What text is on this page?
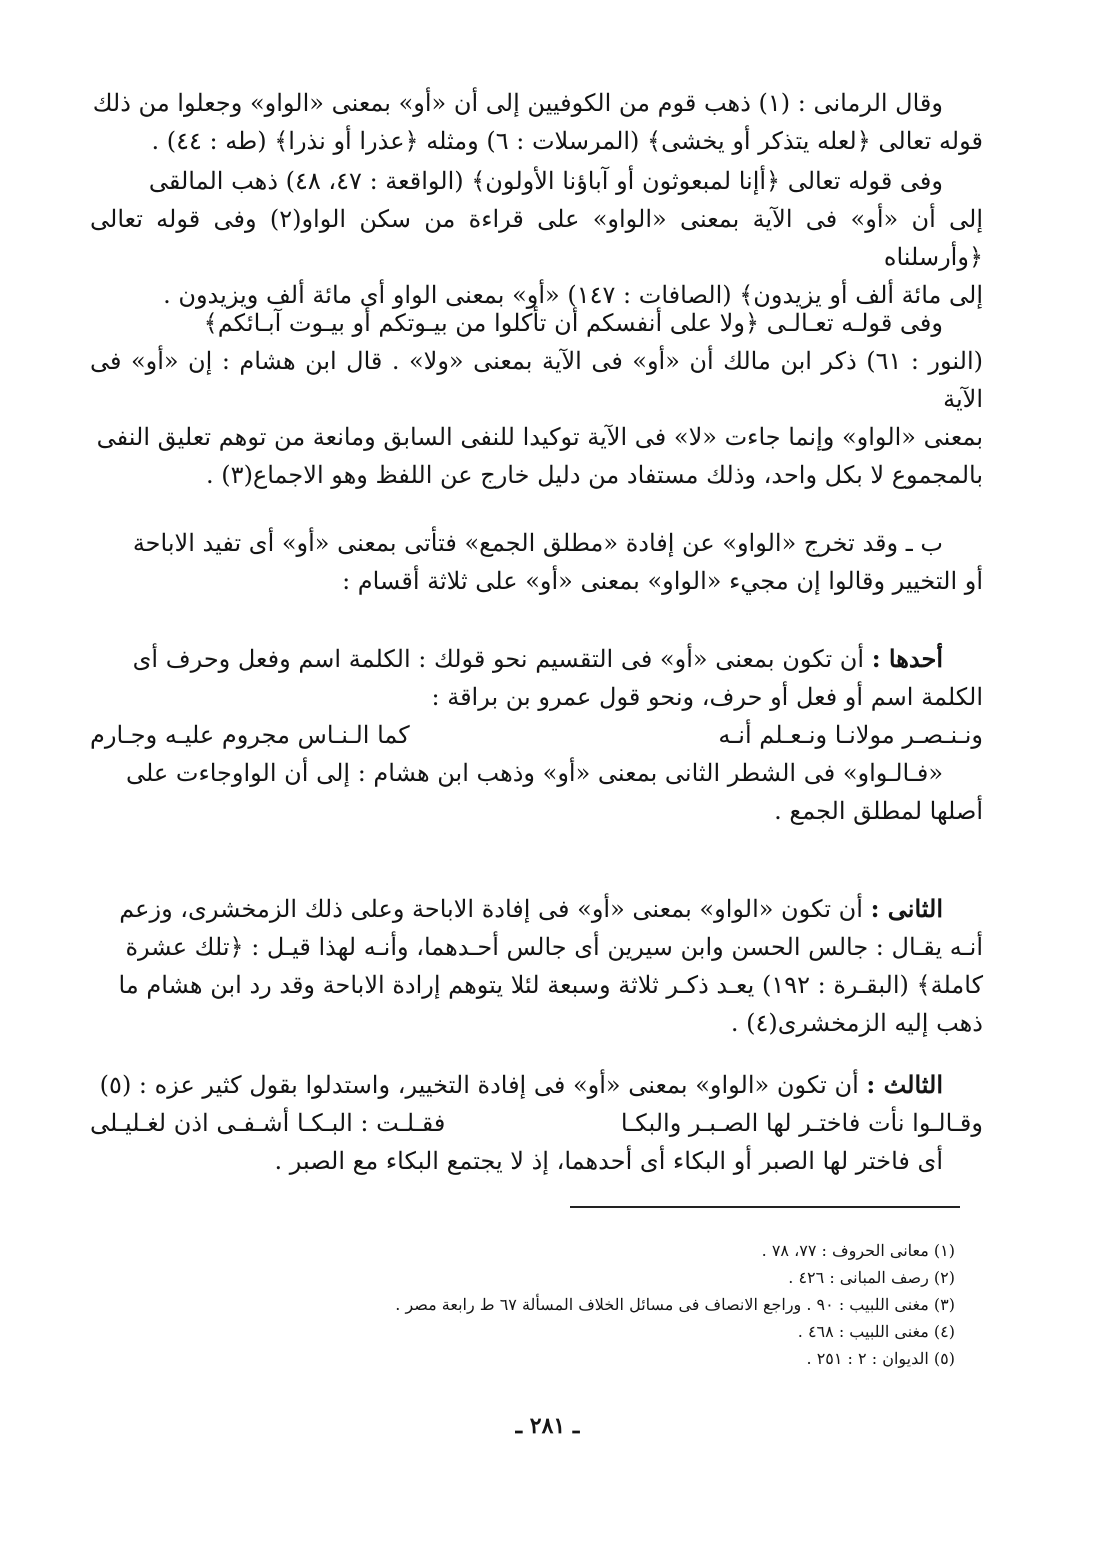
وقال الرمانى : (١) ذهب قوم من الكوفيين إلى أن «أو» بمعنى «الواو» وجعلوا من ذلك

قوله تعالى ﴿لعله يتذكر أو يخشى﴾ (المرسلات : ٦) ومثله ﴿عذرا أو نذرا﴾ (طه : ٤٤) .

وفى قوله تعالى ﴿أإنا لمبعوثون أو آباؤنا الأولون﴾ (الواقعة : ٤٧، ٤٨) ذهب المالقى

إلى أن «أو» فى الآية بمعنى «الواو» على قراءة من سكن الواو(٢) وفى قوله تعالى ﴿وأرسلناه

إلى مائة ألف أو يزيدون﴾ (الصافات : ١٤٧) «أو» بمعنى الواو أى مائة ألف ويزيدون .

وفى قولـه تعـالـى ﴿ولا على أنفسكم أن تأكلوا من بيـوتكم أو بيـوت آبـائكم﴾

(النور : ٦١) ذكر ابن مالك أن «أو» فى الآية بمعنى «ولا» . قال ابن هشام : إن «أو» فى الآية

بمعنى «الواو» وإنما جاءت «لا» فى الآية توكيدا للنفى السابق ومانعة من توهم تعليق النفى

بالمجموع لا بكل واحد، وذلك مستفاد من دليل خارج عن اللفظ وهو الاجماع(٣) .

ب ـ وقد تخرج «الواو» عن إفادة «مطلق الجمع» فتأتى بمعنى «أو» أى تفيد الاباحة

أو التخيير وقالوا إن مجيء «الواو» بمعنى «أو» على ثلاثة أقسام :

أحدها : أن تكون بمعنى «أو» فى التقسيم نحو قولك : الكلمة اسم وفعل وحرف أى

الكلمة اسم أو فعل أو حرف، ونحو قول عمرو بن براقة :

ونـنـصـر مولانـا ونـعـلم أنـه
كما الـنـاس مجروم عليـه وجـارم

«فـالـواو» فى الشطر الثانى بمعنى «أو» وذهب ابن هشام : إلى أن الواوجاءت على

أصلها لمطلق الجمع .

الثانى : أن تكون «الواو» بمعنى «أو» فى إفادة الاباحة وعلى ذلك الزمخشرى، وزعم

أنـه يقـال : جالس الحسن وابن سيرين أى جالس أحـدهما، وأنـه لهذا قيـل : ﴿تلك عشرة

كاملة﴾ (البقـرة : ١٩٢) يعـد ذكـر ثلاثة وسبعة لئلا يتوهم إرادة الاباحة وقد رد ابن هشام ما

ذهب إليه الزمخشرى(٤) .

الثالث : أن تكون «الواو» بمعنى «أو» فى إفادة التخيير، واستدلوا بقول كثير عزه : (٥)

وقـالـوا نأت فاختـر لها الصـبـر والبكـا
فقـلـت : البـكـا أشـفـى اذن لغـليـلى

أى فاختر لها الصبر أو البكاء أى أحدهما، إذ لا يجتمع البكاء مع الصبر .

(١) معانى الحروف : ٧٧، ٧٨ .
(٢) رصف المبانى : ٤٢٦ .
(٣) مغنى اللبيب : ٩٠ . وراجع الانصاف فى مسائل الخلاف المسألة ٦٧ ط رابعة مصر .
(٤) مغنى اللبيب : ٤٦٨ .
(٥) الديوان : ٢ : ٢٥١ .
ـ ٢٨١ ـ
